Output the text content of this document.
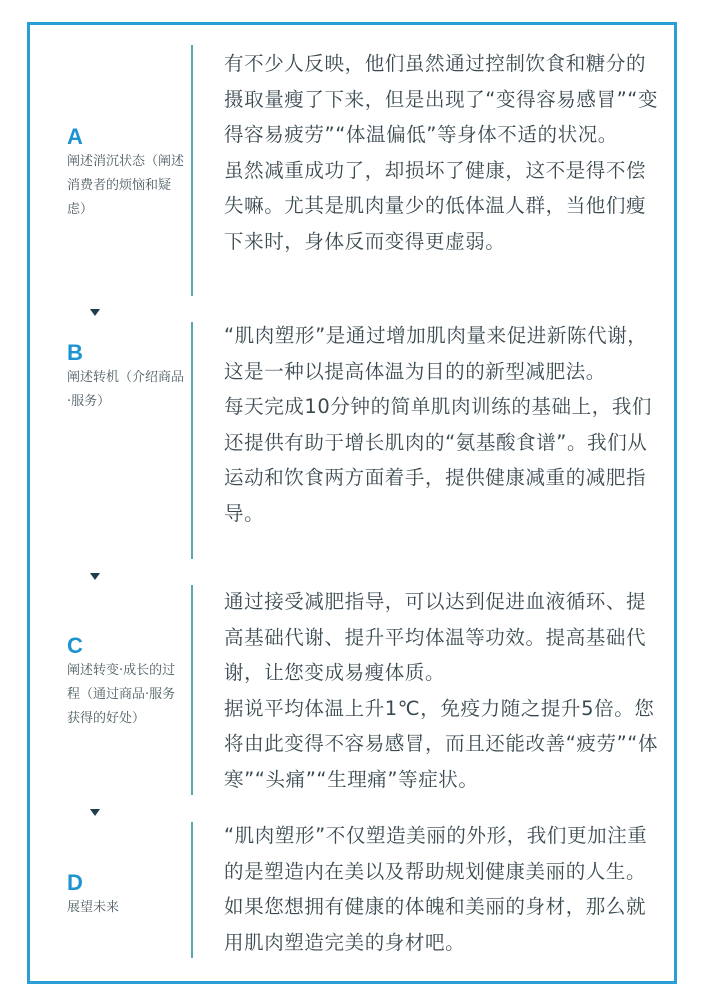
A
阐述消沉状态（阐述消费者的烦恼和疑虑）

有不少人反映，他们虽然通过控制饮食和糖分的摄取量瘦了下来，但是出现了“变得容易感冒”“变得容易疲劳”“体温偏低”等身体不适的状况。

虽然减重成功了，却损坏了健康，这不是得不偿失嘛。尤其是肌肉量少的低体温人群，当他们瘦下来时，身体反而变得更虚弱。

B
阐述转机（介绍商品·服务）

“肌肉塑形”是通过增加肌肉量来促进新陈代谢，这是一种以提高体温为目的的新型减肥法。

每天完成10分钟的简单肌肉训练的基础上，我们还提供有助于增长肌肉的“氨基酸食谱”。我们从运动和饮食两方面着手，提供健康减重的减肥指导。

C
阐述转变·成长的过程（通过商品·服务获得的好处）

通过接受减肥指导，可以达到促进血液循环、提高基础代谢、提升平均体温等功效。提高基础代谢，让您变成易瘦体质。

据说平均体温上升1℃，免疫力随之提升5倍。您将由此变得不容易感冒，而且还能改善“疲劳”“体寒”“头痛”“生理痛”等症状。

D
展望未来

“肌肉塑形”不仅塑造美丽的外形，我们更加注重的是塑造内在美以及帮助规划健康美丽的人生。如果您想拥有健康的体魄和美丽的身材，那么就用肌肉塑造完美的身材吧。
